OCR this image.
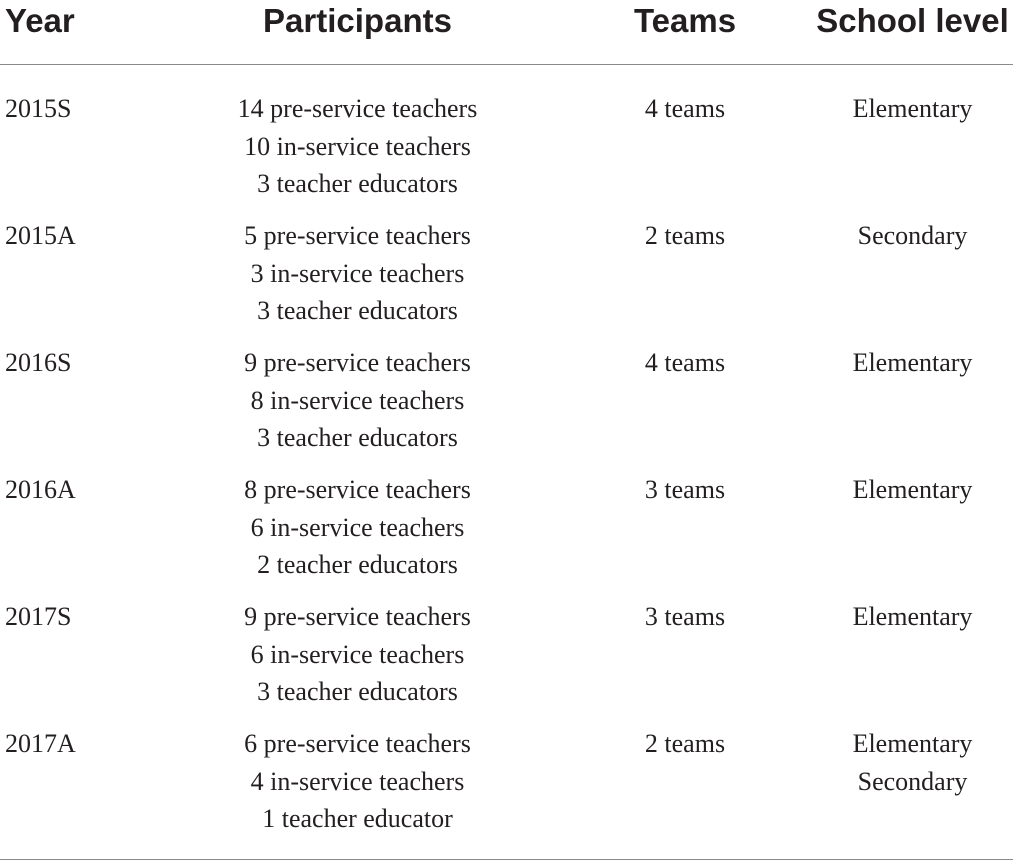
Year	Participants	Teams	School level
2015S	14 pre-service teachers
10 in-service teachers
3 teacher educators
4 teams	Elementary
2015A	5 pre-service teachers
3 in-service teachers
3 teacher educators
2 teams	Secondary
2016S	9 pre-service teachers
8 in-service teachers
3 teacher educators
4 teams	Elementary
2016A	8 pre-service teachers
6 in-service teachers
2 teacher educators
3 teams	Elementary
2017S	9 pre-service teachers
6 in-service teachers
3 teacher educators
3 teams	Elementary
2017A	6 pre-service teachers
4 in-service teachers
1 teacher educator
2 teams	Elementary
Secondary
